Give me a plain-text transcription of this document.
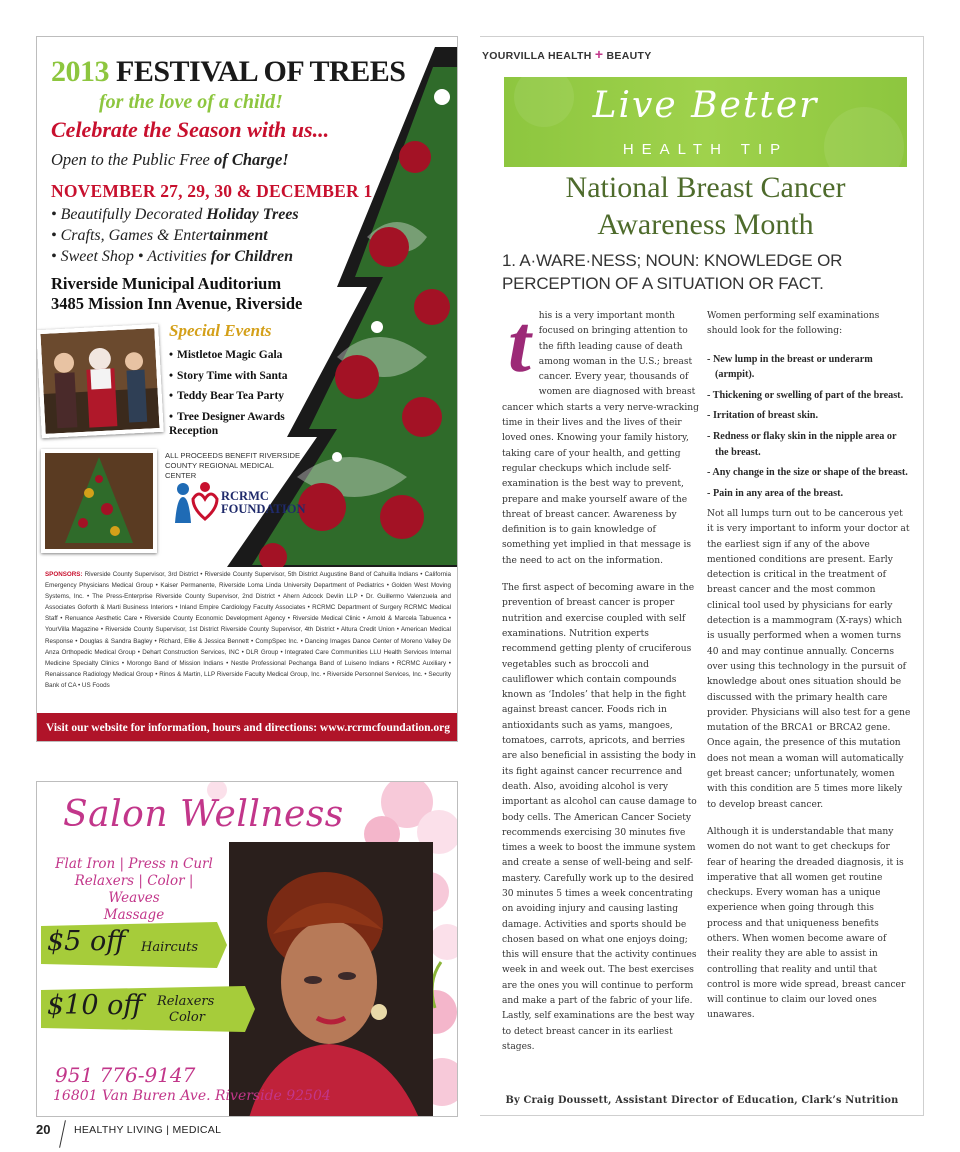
2013 FESTIVAL OF TREES
for the love of a child!
Celebrate the Season with us...
Open to the Public Free of Charge!
NOVEMBER 27, 29, 30 & DECEMBER 1
• Beautifully Decorated Holiday Trees
• Crafts, Games & Entertainment
• Sweet Shop • Activities for Children
Riverside Municipal Auditorium
3485 Mission Inn Avenue, Riverside
Special Events
• Mistletoe Magic Gala
• Story Time with Santa
• Teddy Bear Tea Party
• Tree Designer Awards Reception
ALL PROCEEDS BENEFIT RIVERSIDE COUNTY REGIONAL MEDICAL CENTER
RCRMC
FOUNDATION
SPONSORS: Riverside County Supervisor, 3rd District • Riverside County Supervisor, 5th District Augustine Band of Cahuilla Indians • California Emergency Physicians Medical Group • Kaiser Permanente, Riverside Loma Linda University Department of Pediatrics • Golden West Moving Systems, Inc. • The Press-Enterprise Riverside County Supervisor, 2nd District • Ahern Adcock Devlin LLP • Dr. Guillermo Valenzuela and Associates Goforth & Marti Business Interiors • Inland Empire Cardiology Faculty Associates • RCRMC Department of Surgery RCRMC Medical Staff • Renuance Aesthetic Care • Riverside County Economic Development Agency • Riverside Medical Clinic • Arnold & Marcela Tabuenca • YourVilla Magazine • Riverside County Supervisor, 1st District Riverside County Supervisor, 4th District • Altura Credit Union • American Medical Response • Douglas & Sandra Bagley • Richard, Ellie & Jessica Bennett • CompSpec Inc. • Dancing Images Dance Center of Moreno Valley De Anza Orthopedic Medical Group • Dehart Construction Services, INC • DLR Group • Integrated Care Communities LLU Health Services Internal Medicine Specialty Clinics • Morongo Band of Mission Indians • Nestle Professional Pechanga Band of Luiseno Indians • RCRMC Auxiliary • Renaissance Radiology Medical Group • Rinos & Martin, LLP Riverside Faculty Medical Group, Inc. • Riverside Personnel Services, Inc. • Security Bank of CA • US Foods
Visit our website for information, hours and directions: www.rcrmcfoundation.org
Salon Wellness
Flat Iron | Press n Curl
Relaxers | Color | Weaves
Massage
$5 off Haircuts
$10 off Relaxers
Color
951 776-9147
16801 Van Buren Ave. Riverside 92504
20 HEALTHY LIVING | MEDICAL
YOURVILLA HEALTH + BEAUTY
Live Better
HEALTH TIP
National Breast Cancer Awareness Month
1. A·WARE·NESS; NOUN: KNOWLEDGE OR PERCEPTION OF A SITUATION OR FACT.

this is a very important month focused on bringing attention to the fifth leading cause of death among woman in the U.S.; breast cancer. Every year, thousands of women are diagnosed with breast cancer which starts a very nerve-wracking time in their lives and the lives of their loved ones. Knowing your family history, taking care of your health, and getting regular checkups which include self-examination is the best way to prevent, prepare and make yourself aware of the threat of breast cancer. Awareness by definition is to gain knowledge of something yet implied in that message is the need to act on the information.

The first aspect of becoming aware in the prevention of breast cancer is proper nutrition and exercise coupled with self examinations. Nutrition experts recommend getting plenty of cruciferous vegetables such as broccoli and cauliflower which contain compounds known as ‘Indoles’ that help in the fight against breast cancer. Foods rich in antioxidants such as yams, mangoes, tomatoes, carrots, apricots, and berries are also beneficial in assisting the body in its fight against cancer recurrence and death. Also, avoiding alcohol is very important as alcohol can cause damage to body cells. The American Cancer Society recommends exercising 30 minutes five times a week to boost the immune system and create a sense of well-being and self-mastery. Carefully work up to the desired 30 minutes 5 times a week concentrating on avoiding injury and causing lasting damage. Activities and sports should be chosen based on what one enjoys doing; this will ensure that the activity continues week in and week out. The best exercises are the ones you will continue to perform and make a part of the fabric of your life. Lastly, self examinations are the best way to detect breast cancer in its earliest stages.

Women performing self examinations should look for the following:

- New lump in the breast or underarm (armpit).
- Thickening or swelling of part of the breast.
- Irritation of breast skin.
- Redness or flaky skin in the nipple area or the breast.
- Any change in the size or shape of the breast.
- Pain in any area of the breast.

Not all lumps turn out to be cancerous yet it is very important to inform your doctor at the earliest sign if any of the above mentioned conditions are present. Early detection is critical in the treatment of breast cancer and the most common clinical tool used by physicians for early detection is a mammogram (X-rays) which is usually performed when a women turns 40 and may continue annually. Concerns over using this technology in the pursuit of knowledge about ones situation should be discussed with the primary health care provider. Physicians will also test for a gene mutation of the BRCA1 or BRCA2 gene. Once again, the presence of this mutation does not mean a woman will automatically get breast cancer; unfortunately, women with this condition are 5 times more likely to develop breast cancer.

Although it is understandable that many women do not want to get checkups for fear of hearing the dreaded diagnosis, it is imperative that all women get routine checkups. Every woman has a unique experience when going through this process and that uniqueness benefits others. When women become aware of their reality they are able to assist in controlling that reality and until that control is more wide spread, breast cancer will continue to claim our loved ones unawares.

By Craig Doussett, Assistant Director of Education, Clark’s Nutrition
